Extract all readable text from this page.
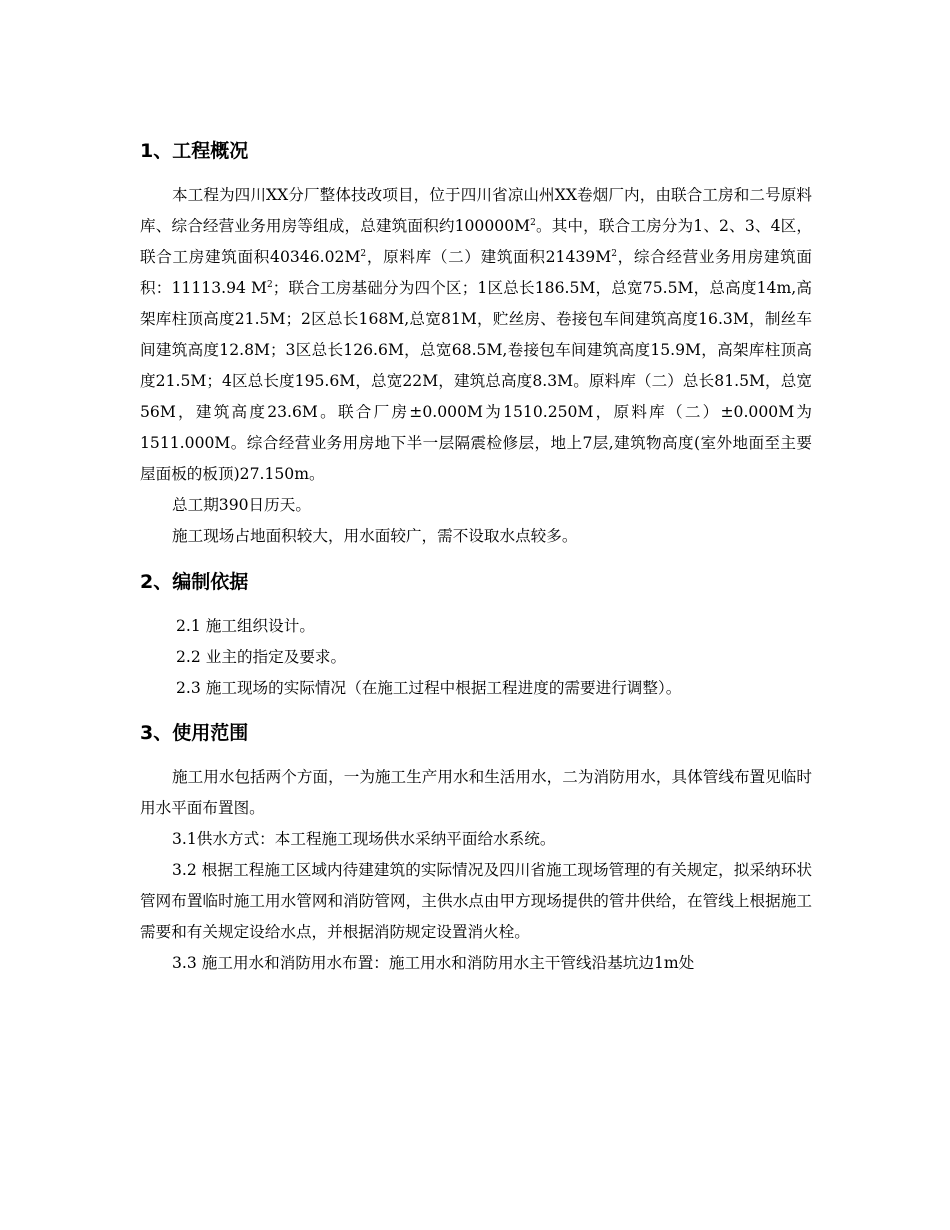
1、工程概况

本工程为四川XX分厂整体技改项目，位于四川省凉山州XX卷烟厂内，由联合工房和二号原料库、综合经营业务用房等组成，总建筑面积约$100000M^2$。其中，联合工房分为1、2、3、4区，联合工房建筑面积$40346.02M^2$，原料库（二）建筑面积$21439M^2$，综合经营业务用房建筑面积：11113.94 $M^2$；联合工房基础分为四个区；1区总长186.5M，总宽75.5M，总高度14m,高架库柱顶高度21.5M；2区总长168M,总宽81M，贮丝房、卷接包车间建筑高度16.3M，制丝车间建筑高度12.8M；3区总长126.6M，总宽68.5M,卷接包车间建筑高度15.9M，高架库柱顶高度21.5M；4区总长度195.6M，总宽22M，建筑总高度8.3M。原料库（二）总长81.5M，总宽56M，建筑高度23.6M。联合厂房±0.000M为1510.250M，原料库（二）±0.000M为1511.000M。综合经营业务用房地下半一层隔震检修层，地上7层,建筑物高度(室外地面至主要屋面板的板顶)27.150m。

总工期390日历天。

施工现场占地面积较大，用水面较广，需不设取水点较多。

2、编制依据

2.1 施工组织设计。

2.2 业主的指定及要求。

2.3 施工现场的实际情况（在施工过程中根据工程进度的需要进行调整）。

3、使用范围

施工用水包括两个方面，一为施工生产用水和生活用水，二为消防用水，具体管线布置见临时用水平面布置图。

3.1供水方式：本工程施工现场供水采纳平面给水系统。

3.2 根据工程施工区域内待建建筑的实际情况及四川省施工现场管理的有关规定，拟采纳环状管网布置临时施工用水管网和消防管网，主供水点由甲方现场提供的管井供给，在管线上根据施工需要和有关规定设给水点，并根据消防规定设置消火栓。

3.3 施工用水和消防用水布置：施工用水和消防用水主干管线沿基坑边1m处
